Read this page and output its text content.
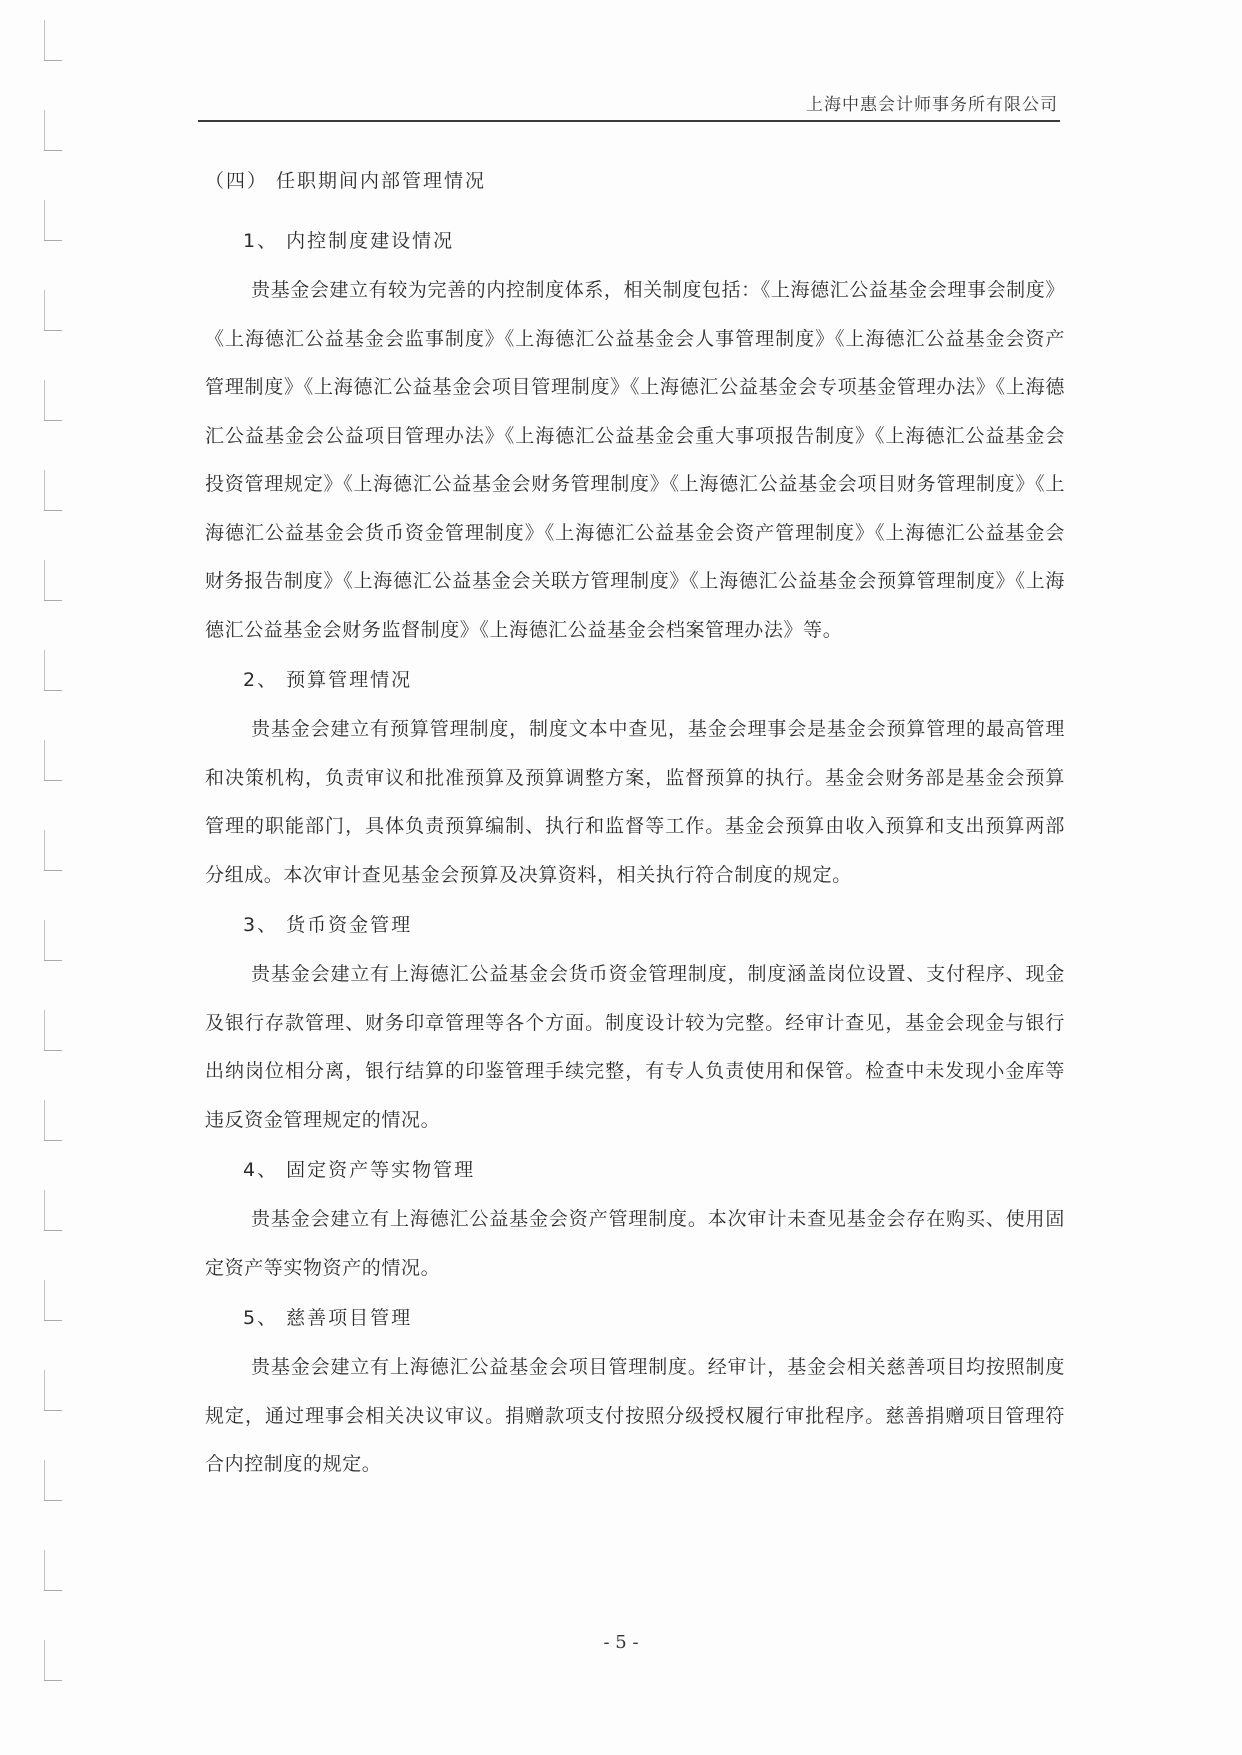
上海中惠会计师事务所有限公司
（四） 任职期间内部管理情况
1、 内控制度建设情况

贵基金会建立有较为完善的内控制度体系，相关制度包括：《上海德汇公益基金会理事会制度》《上海德汇公益基金会监事制度》《上海德汇公益基金会人事管理制度》《上海德汇公益基金会资产管理制度》《上海德汇公益基金会项目管理制度》《上海德汇公益基金会专项基金管理办法》《上海德汇公益基金会公益项目管理办法》《上海德汇公益基金会重大事项报告制度》《上海德汇公益基金会投资管理规定》《上海德汇公益基金会财务管理制度》《上海德汇公益基金会项目财务管理制度》《上海德汇公益基金会货币资金管理制度》《上海德汇公益基金会资产管理制度》《上海德汇公益基金会财务报告制度》《上海德汇公益基金会关联方管理制度》《上海德汇公益基金会预算管理制度》《上海德汇公益基金会财务监督制度》《上海德汇公益基金会档案管理办法》等。

2、 预算管理情况

贵基金会建立有预算管理制度，制度文本中查见，基金会理事会是基金会预算管理的最高管理和决策机构，负责审议和批准预算及预算调整方案，监督预算的执行。基金会财务部是基金会预算管理的职能部门，具体负责预算编制、执行和监督等工作。基金会预算由收入预算和支出预算两部分组成。本次审计查见基金会预算及决算资料，相关执行符合制度的规定。

3、 货币资金管理

贵基金会建立有上海德汇公益基金会货币资金管理制度，制度涵盖岗位设置、支付程序、现金及银行存款管理、财务印章管理等各个方面。制度设计较为完整。经审计查见，基金会现金与银行出纳岗位相分离，银行结算的印鉴管理手续完整，有专人负责使用和保管。检查中未发现小金库等违反资金管理规定的情况。

4、 固定资产等实物管理

贵基金会建立有上海德汇公益基金会资产管理制度。本次审计未查见基金会存在购买、使用固定资产等实物资产的情况。

5、 慈善项目管理

贵基金会建立有上海德汇公益基金会项目管理制度。经审计，基金会相关慈善项目均按照制度规定，通过理事会相关决议审议。捐赠款项支付按照分级授权履行审批程序。慈善捐赠项目管理符合内控制度的规定。

- 5 -
